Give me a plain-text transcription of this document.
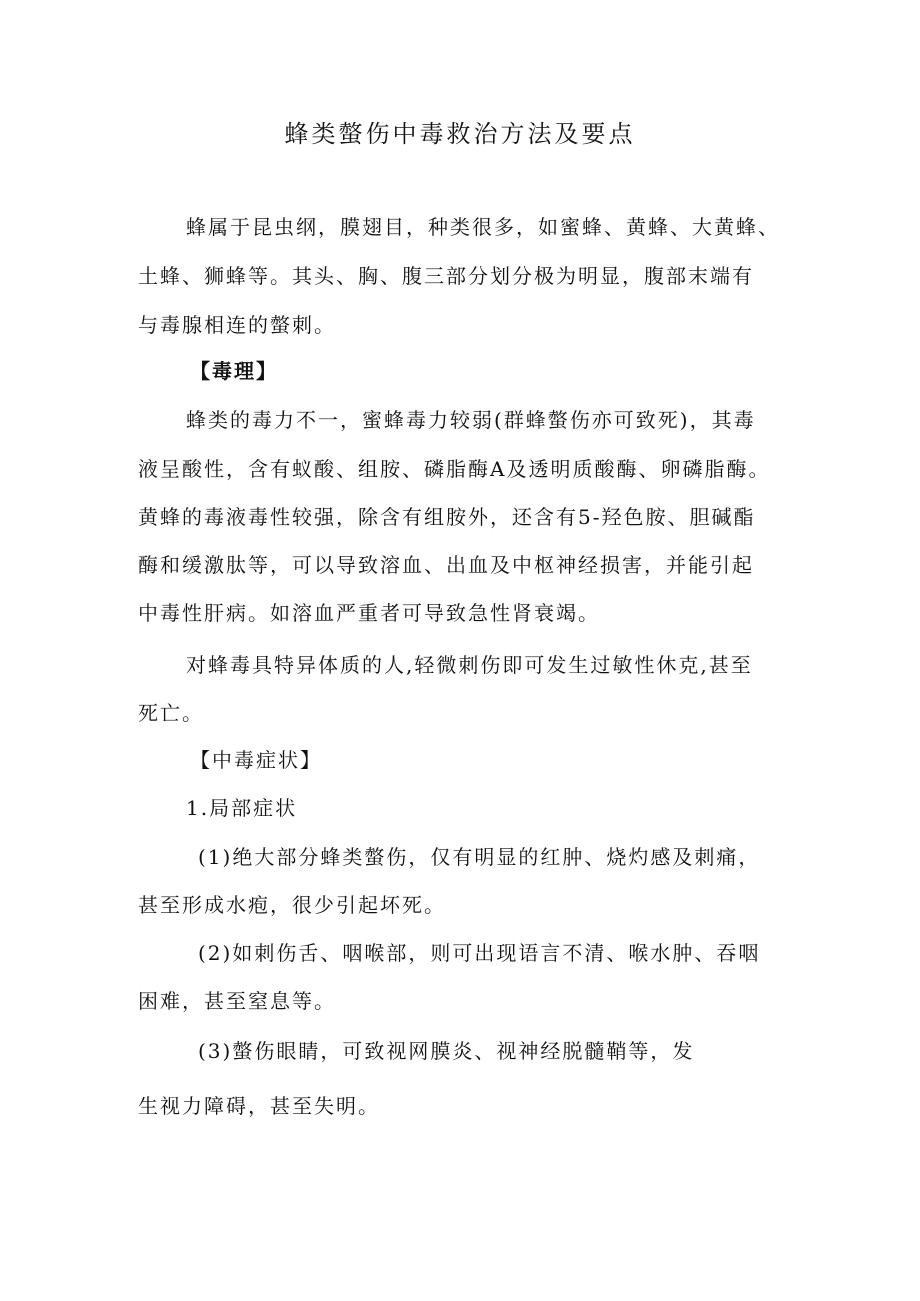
蜂类螫伤中毒救治方法及要点

蜂属于昆虫纲，膜翅目，种类很多，如蜜蜂、黄蜂、大黄蜂、

土蜂、狮蜂等。其头、胸、腹三部分划分极为明显，腹部末端有

与毒腺相连的螫刺。

【毒理】

蜂类的毒力不一，蜜蜂毒力较弱(群蜂螫伤亦可致死)，其毒

液呈酸性，含有蚁酸、组胺、磷脂酶A及透明质酸酶、卵磷脂酶。

黄蜂的毒液毒性较强，除含有组胺外，还含有5-羟色胺、胆碱酯

酶和缓激肽等，可以导致溶血、出血及中枢神经损害，并能引起

中毒性肝病。如溶血严重者可导致急性肾衰竭。

对蜂毒具特异体质的人,轻微刺伤即可发生过敏性休克,甚至

死亡。

【中毒症状】

1.局部症状

(1)绝大部分蜂类螫伤，仅有明显的红肿、烧灼感及刺痛，

甚至形成水疱，很少引起坏死。

(2)如刺伤舌、咽喉部，则可出现语言不清、喉水肿、吞咽

困难，甚至窒息等。

(3)螫伤眼睛，可致视网膜炎、视神经脱髓鞘等，发

生视力障碍，甚至失明。
